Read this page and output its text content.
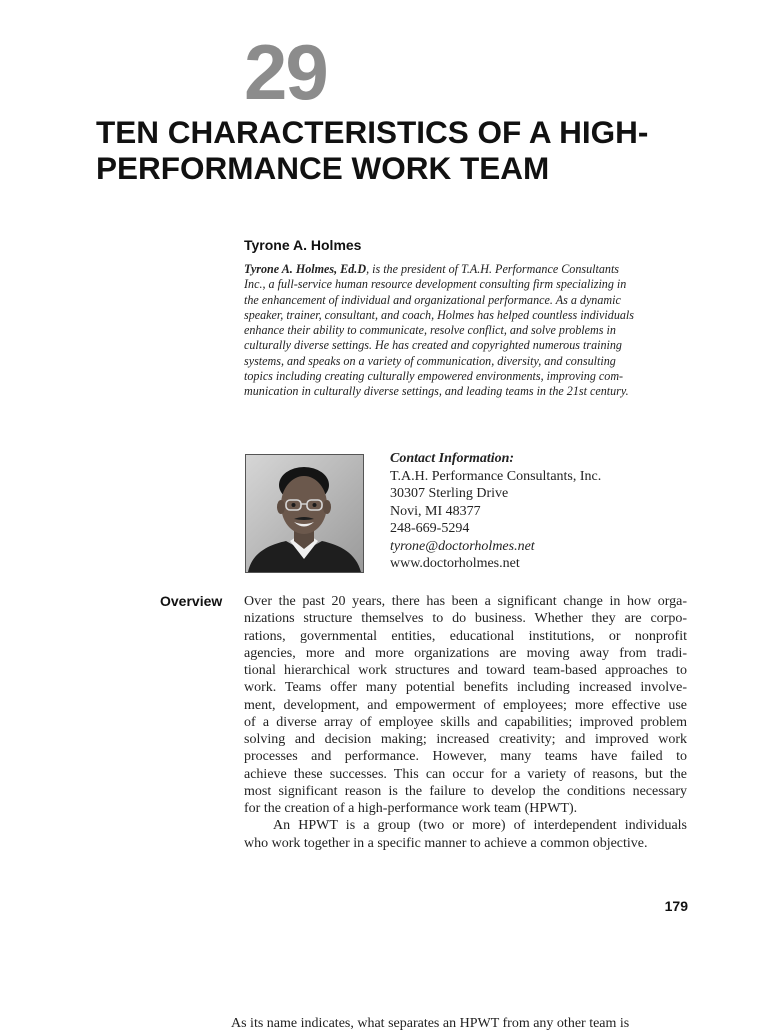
29
TEN CHARACTERISTICS OF A HIGH-
PERFORMANCE WORK TEAM
Tyrone A. Holmes
Tyrone A. Holmes, Ed.D, is the president of T.A.H. Performance Consultants
Inc., a full-service human resource development consulting firm specializing in
the enhancement of individual and organizational performance. As a dynamic
speaker, trainer, consultant, and coach, Holmes has helped countless individuals
enhance their ability to communicate, resolve conflict, and solve problems in
culturally diverse settings. He has created and copyrighted numerous training
systems, and speaks on a variety of communication, diversity, and consulting
topics including creating culturally empowered environments, improving com-
munication in culturally diverse settings, and leading teams in the 21st century.
Contact Information:
T.A.H. Performance Consultants, Inc.
30307 Sterling Drive
Novi, MI 48377
248-669-5294
tyrone@doctorholmes.net
www.doctorholmes.net
Overview Over the past 20 years, there has been a significant change in how orga-
nizations structure themselves to do business. Whether they are corpo-
rations, governmental entities, educational institutions, or nonprofit
agencies, more and more organizations are moving away from tradi-
tional hierarchical work structures and toward team-based approaches to
work. Teams offer many potential benefits including increased involve-
ment, development, and empowerment of employees; more effective use
of a diverse array of employee skills and capabilities; improved problem
solving and decision making; increased creativity; and improved work
processes and performance. However, many teams have failed to
achieve these successes. This can occur for a variety of reasons, but the
most significant reason is the failure to develop the conditions necessary
for the creation of a high-performance work team (HPWT).
An HPWT is a group (two or more) of interdependent individuals
who work together in a specific manner to achieve a common objective.
179
As its name indicates, what separates an HPWT from any other team is
